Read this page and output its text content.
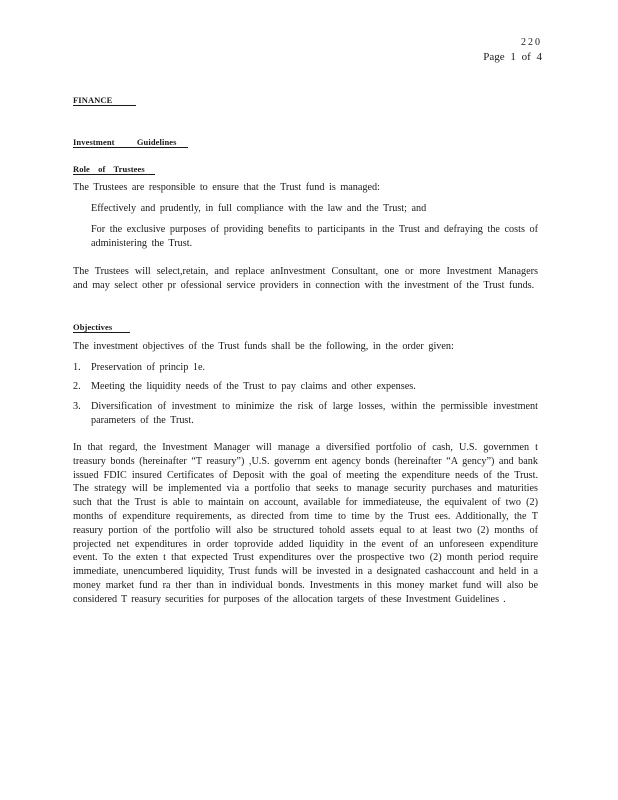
220
Page 1 of 4
FINANCE
Investment Guidelines
Role of Trustees
The Trustees are responsible to ensure that the Trust fund is managed:
Effectively and prudently, in full compliance with the law and the Trust; and
For the exclusive purposes of providing benefits to participants in the Trust and defraying the costs of administering the Trust.
The Trustees will select,retain, and replace anInvestment Consultant, one or more Investment Managers and may select other pr ofessional service providers in connection with the investment of the Trust funds.
Objectives
The investment objectives of the Trust funds shall be the following, in the order given:
1.	Preservation of princip 1e.
2.	Meeting the liquidity needs of the Trust to pay claims and other expenses.
3.	Diversification of investment to minimize the risk of large losses, within the permissible investment parameters of the Trust.
In that regard, the Investment Manager will manage a diversified portfolio of cash, U.S. governmen t treasury bonds (hereinafter “T reasury”) ,U.S. governm ent agency bonds (hereinafter “A gency”) and bank issued FDIC insured Certificates of Deposit with the goal of meeting the expenditure needs of the Trust. The strategy will be implemented via a portfolio that seeks to manage security purchases and maturities such that the Trust is able to maintain on account, available for immediateuse, the equivalent of two (2) months of expenditure requirements, as directed from time to time by the Trust ees. Additionally, the T reasury portion of the portfolio will also be structured tohold assets equal to at least two (2) months of projected net expenditures in order toprovide added liquidity in the event of an unforeseen expenditure event. To the exten t that expected Trust expenditures over the prospective two (2) month period require immediate, unencumbered liquidity, Trust funds will be invested in a designated cashaccount and held in a money market fund ra ther than in individual bonds. Investments in this money market fund will also be considered T reasury securities for purposes of the allocation targets of these Investment Guidelines .
